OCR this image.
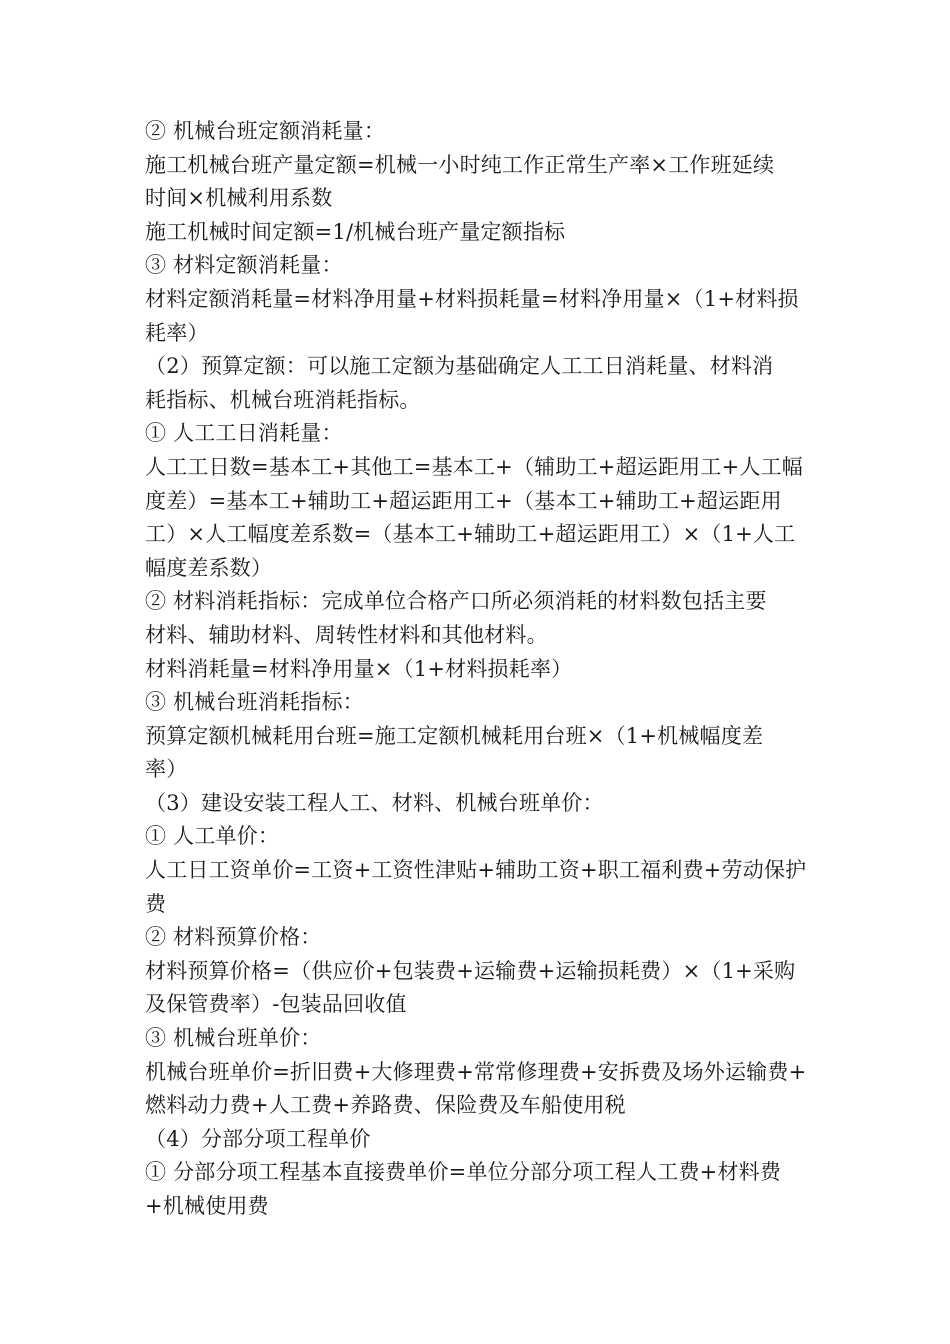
② 机械台班定额消耗量：
施工机械台班产量定额=机械一小时纯工作正常生产率×工作班延续
时间×机械利用系数
施工机械时间定额=1/机械台班产量定额指标
③ 材料定额消耗量：
材料定额消耗量=材料净用量+材料损耗量=材料净用量×（1+材料损
耗率）
（2）预算定额：可以施工定额为基础确定人工工日消耗量、材料消
耗指标、机械台班消耗指标。
① 人工工日消耗量：
人工工日数=基本工+其他工=基本工+（辅助工+超运距用工+人工幅
度差）=基本工+辅助工+超运距用工+（基本工+辅助工+超运距用
工）×人工幅度差系数=（基本工+辅助工+超运距用工）×（1+人工
幅度差系数）
② 材料消耗指标：完成单位合格产口所必须消耗的材料数包括主要
材料、辅助材料、周转性材料和其他材料。
材料消耗量=材料净用量×（1+材料损耗率）
③ 机械台班消耗指标：
预算定额机械耗用台班=施工定额机械耗用台班×（1+机械幅度差
率）
（3）建设安装工程人工、材料、机械台班单价：
① 人工单价：
人工日工资单价=工资+工资性津贴+辅助工资+职工福利费+劳动保护
费
② 材料预算价格：
材料预算价格=（供应价+包装费+运输费+运输损耗费）×（1+采购
及保管费率）-包装品回收值
③ 机械台班单价：
机械台班单价=折旧费+大修理费+常常修理费+安拆费及场外运输费+
燃料动力费+人工费+养路费、保险费及车船使用税
（4）分部分项工程单价
① 分部分项工程基本直接费单价=单位分部分项工程人工费+材料费
+机械使用费
